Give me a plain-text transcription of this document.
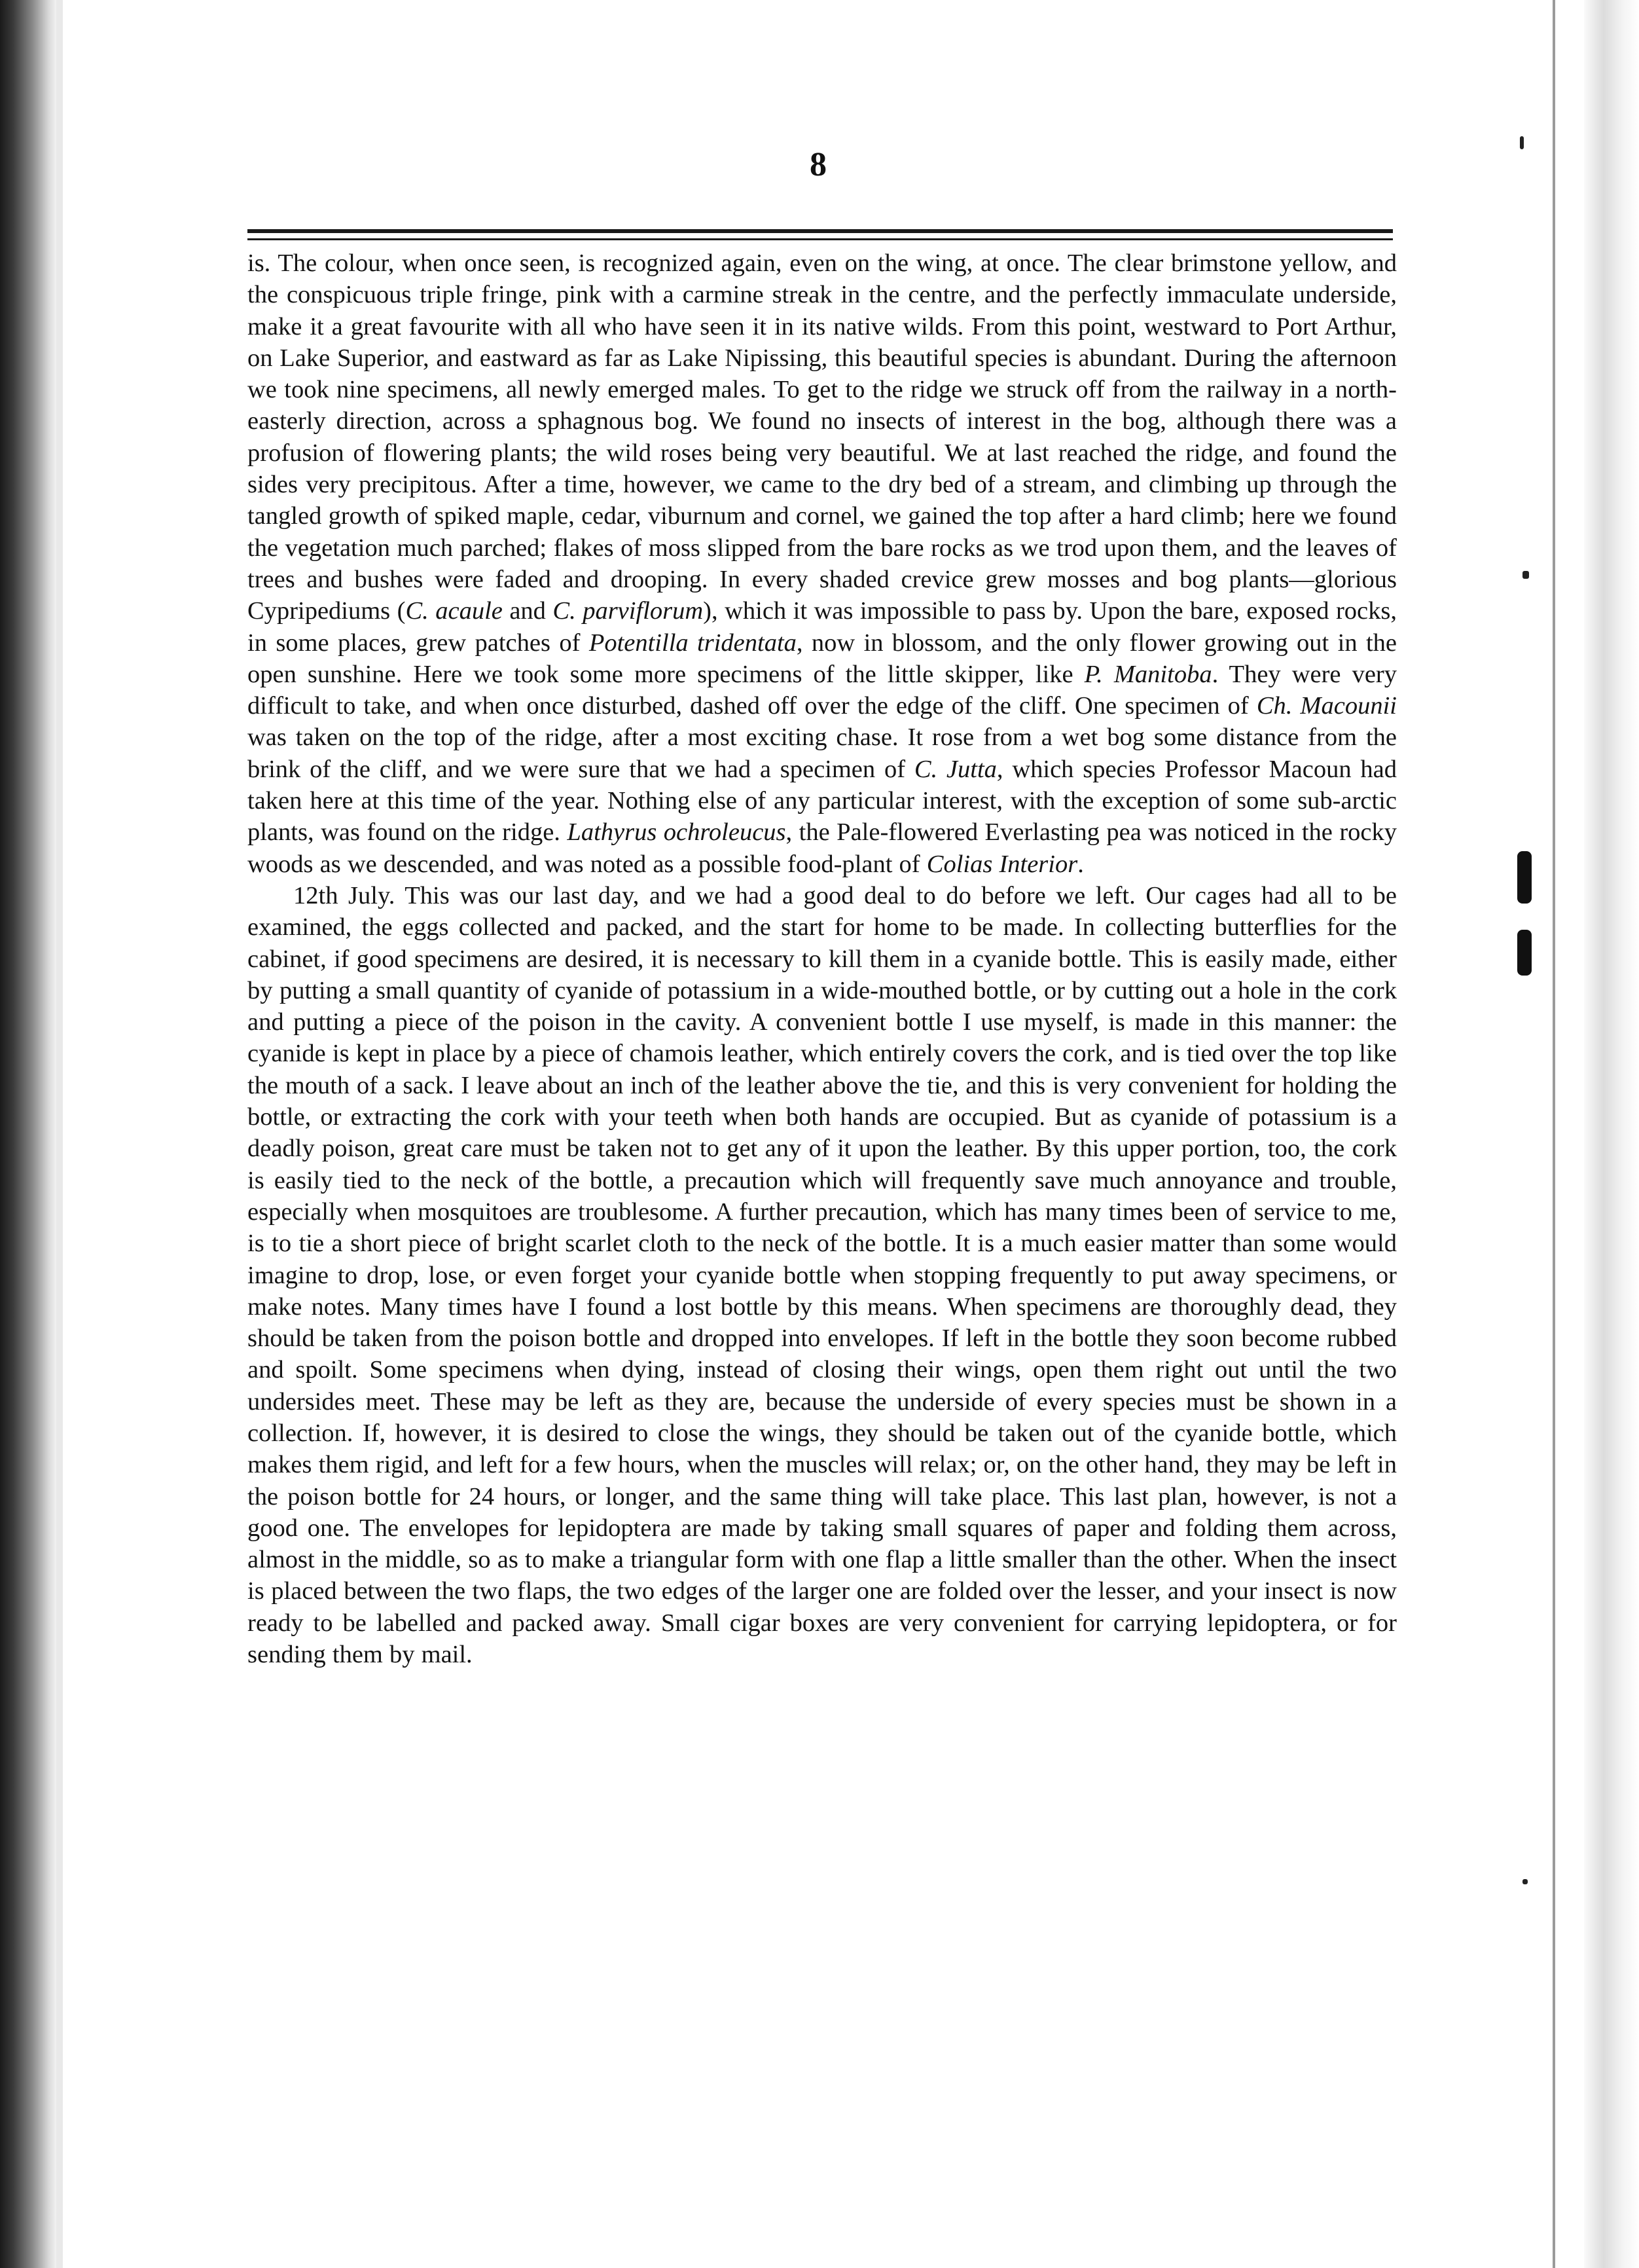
8

is. The colour, when once seen, is recognized again, even on the wing, at once. The clear brimstone yellow, and the conspicuous triple fringe, pink with a carmine streak in the centre, and the perfectly immaculate underside, make it a great favourite with all who have seen it in its native wilds. From this point, westward to Port Arthur, on Lake Superior, and eastward as far as Lake Nipissing, this beautiful species is abundant. During the afternoon we took nine specimens, all newly emerged males. To get to the ridge we struck off from the railway in a north-easterly direction, across a sphagnous bog. We found no insects of interest in the bog, although there was a profusion of flowering plants; the wild roses being very beautiful. We at last reached the ridge, and found the sides very precipitous. After a time, however, we came to the dry bed of a stream, and climbing up through the tangled growth of spiked maple, cedar, viburnum and cornel, we gained the top after a hard climb; here we found the vegetation much parched; flakes of moss slipped from the bare rocks as we trod upon them, and the leaves of trees and bushes were faded and drooping. In every shaded crevice grew mosses and bog plants—glorious Cypripediums (C. acaule and C. parviflorum), which it was impossible to pass by. Upon the bare, exposed rocks, in some places, grew patches of Potentilla tridentata, now in blossom, and the only flower growing out in the open sunshine. Here we took some more specimens of the little skipper, like P. Manitoba. They were very difficult to take, and when once disturbed, dashed off over the edge of the cliff. One specimen of Ch. Macounii was taken on the top of the ridge, after a most exciting chase. It rose from a wet bog some distance from the brink of the cliff, and we were sure that we had a specimen of C. Jutta, which species Professor Macoun had taken here at this time of the year. Nothing else of any particular interest, with the exception of some sub-arctic plants, was found on the ridge. Lathyrus ochroleucus, the Pale-flowered Everlasting pea was noticed in the rocky woods as we descended, and was noted as a possible food-plant of Colias Interior.

12th July. This was our last day, and we had a good deal to do before we left. Our cages had all to be examined, the eggs collected and packed, and the start for home to be made. In collecting butterflies for the cabinet, if good specimens are desired, it is necessary to kill them in a cyanide bottle. This is easily made, either by putting a small quantity of cyanide of potassium in a wide-mouthed bottle, or by cutting out a hole in the cork and putting a piece of the poison in the cavity. A convenient bottle I use myself, is made in this manner: the cyanide is kept in place by a piece of chamois leather, which entirely covers the cork, and is tied over the top like the mouth of a sack. I leave about an inch of the leather above the tie, and this is very convenient for holding the bottle, or extracting the cork with your teeth when both hands are occupied. But as cyanide of potassium is a deadly poison, great care must be taken not to get any of it upon the leather. By this upper portion, too, the cork is easily tied to the neck of the bottle, a precaution which will frequently save much annoyance and trouble, especially when mosquitoes are troublesome. A further precaution, which has many times been of service to me, is to tie a short piece of bright scarlet cloth to the neck of the bottle. It is a much easier matter than some would imagine to drop, lose, or even forget your cyanide bottle when stopping frequently to put away specimens, or make notes. Many times have I found a lost bottle by this means. When specimens are thoroughly dead, they should be taken from the poison bottle and dropped into envelopes. If left in the bottle they soon become rubbed and spoilt. Some specimens when dying, instead of closing their wings, open them right out until the two undersides meet. These may be left as they are, because the underside of every species must be shown in a collection. If, however, it is desired to close the wings, they should be taken out of the cyanide bottle, which makes them rigid, and left for a few hours, when the muscles will relax; or, on the other hand, they may be left in the poison bottle for 24 hours, or longer, and the same thing will take place. This last plan, however, is not a good one. The envelopes for lepidoptera are made by taking small squares of paper and folding them across, almost in the middle, so as to make a triangular form with one flap a little smaller than the other. When the insect is placed between the two flaps, the two edges of the larger one are folded over the lesser, and your insect is now ready to be labelled and packed away. Small cigar boxes are very convenient for carrying lepidoptera, or for sending them by mail.
